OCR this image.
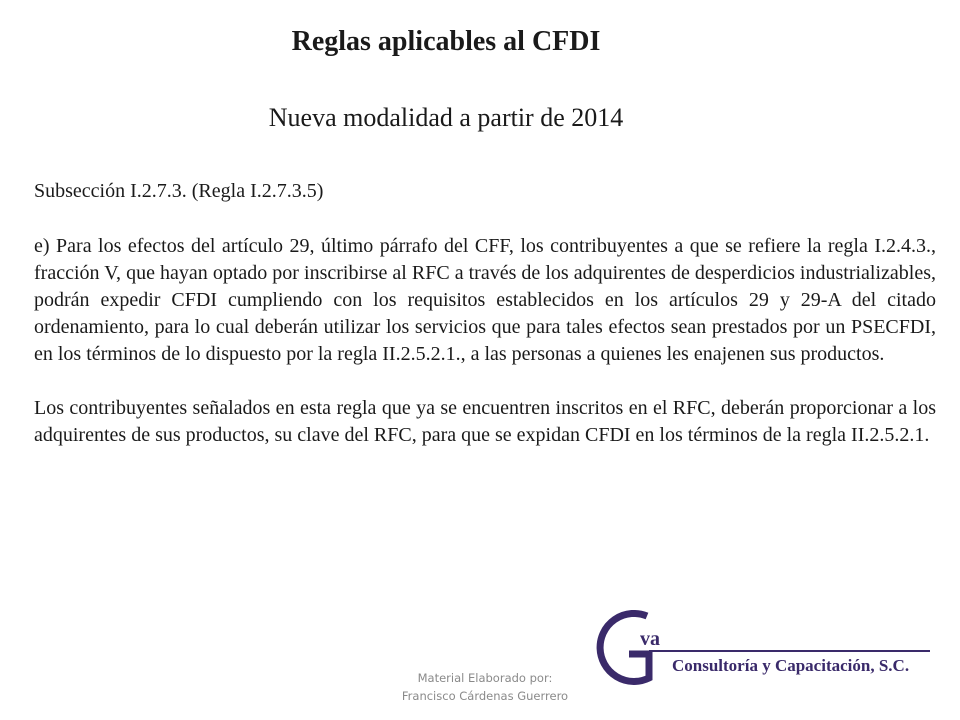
Reglas aplicables al CFDI
Nueva modalidad a partir de 2014

Subsección I.2.7.3. (Regla I.2.7.3.5)

e) Para los efectos del artículo 29, último párrafo del CFF, los contribuyentes a que se refiere la regla I.2.4.3., fracción V, que hayan optado por inscribirse al RFC a través de los adquirentes de desperdicios industrializables, podrán expedir CFDI cumpliendo con los requisitos establecidos en los artículos 29 y 29-A del citado ordenamiento, para lo cual deberán utilizar los servicios que para tales efectos sean prestados por un PSECFDI, en los términos de lo dispuesto por la regla II.2.5.2.1., a las personas a quienes les enajenen sus productos.

Los contribuyentes señalados en esta regla que ya se encuentren inscritos en el RFC, deberán proporcionar a los adquirentes de sus productos, su clave del RFC, para que se expidan CFDI en los términos de la regla II.2.5.2.1.

Material Elaborado por:
Francisco Cárdenas Guerrero
va
Consultoría y Capacitación, S.C.
